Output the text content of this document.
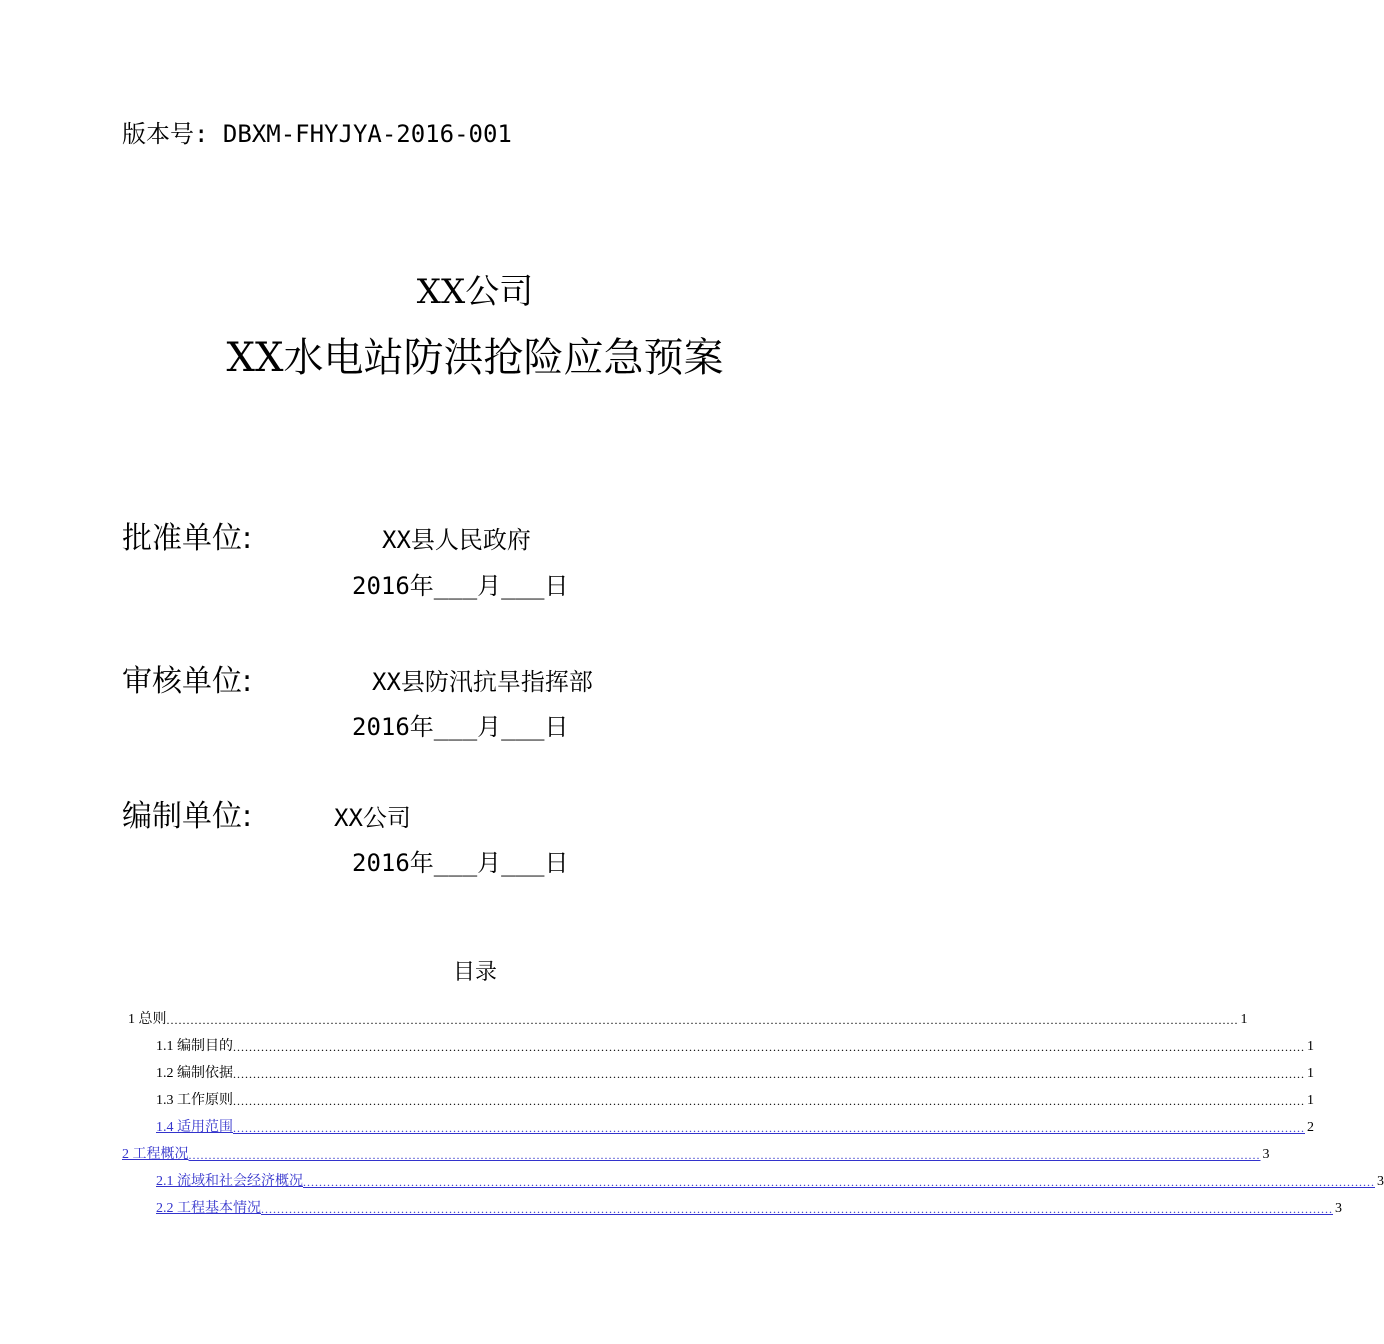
版本号: DBXM-FHYJYA-2016-001
XX公司
XX水电站防洪抢险应急预案
批准单位:	XX县人民政府
2016年___月___日
审核单位:	XX县防汛抗旱指挥部
2016年___月___日
编制单位:	XX公司
2016年___月___日
目录
1 总则 ............................................................................................................................................................................................................................................................................ 1
1.1 编制目的 ............................................................................................................................................................................................................................................................................ 1
1.2 编制依据 ............................................................................................................................................................................................................................................................................ 1
1.3 工作原则 ............................................................................................................................................................................................................................................................................ 1
1.4 适用范围 ............................................................................................................................................................................................................................................................................ 2
2 工程概况 ............................................................................................................................................................................................................................................................................ 3
2.1 流域和社会经济概况 ............................................................................................................................................................................................................................................................................ 3
2.2 工程基本情况 ............................................................................................................................................................................................................................................................................ 3
